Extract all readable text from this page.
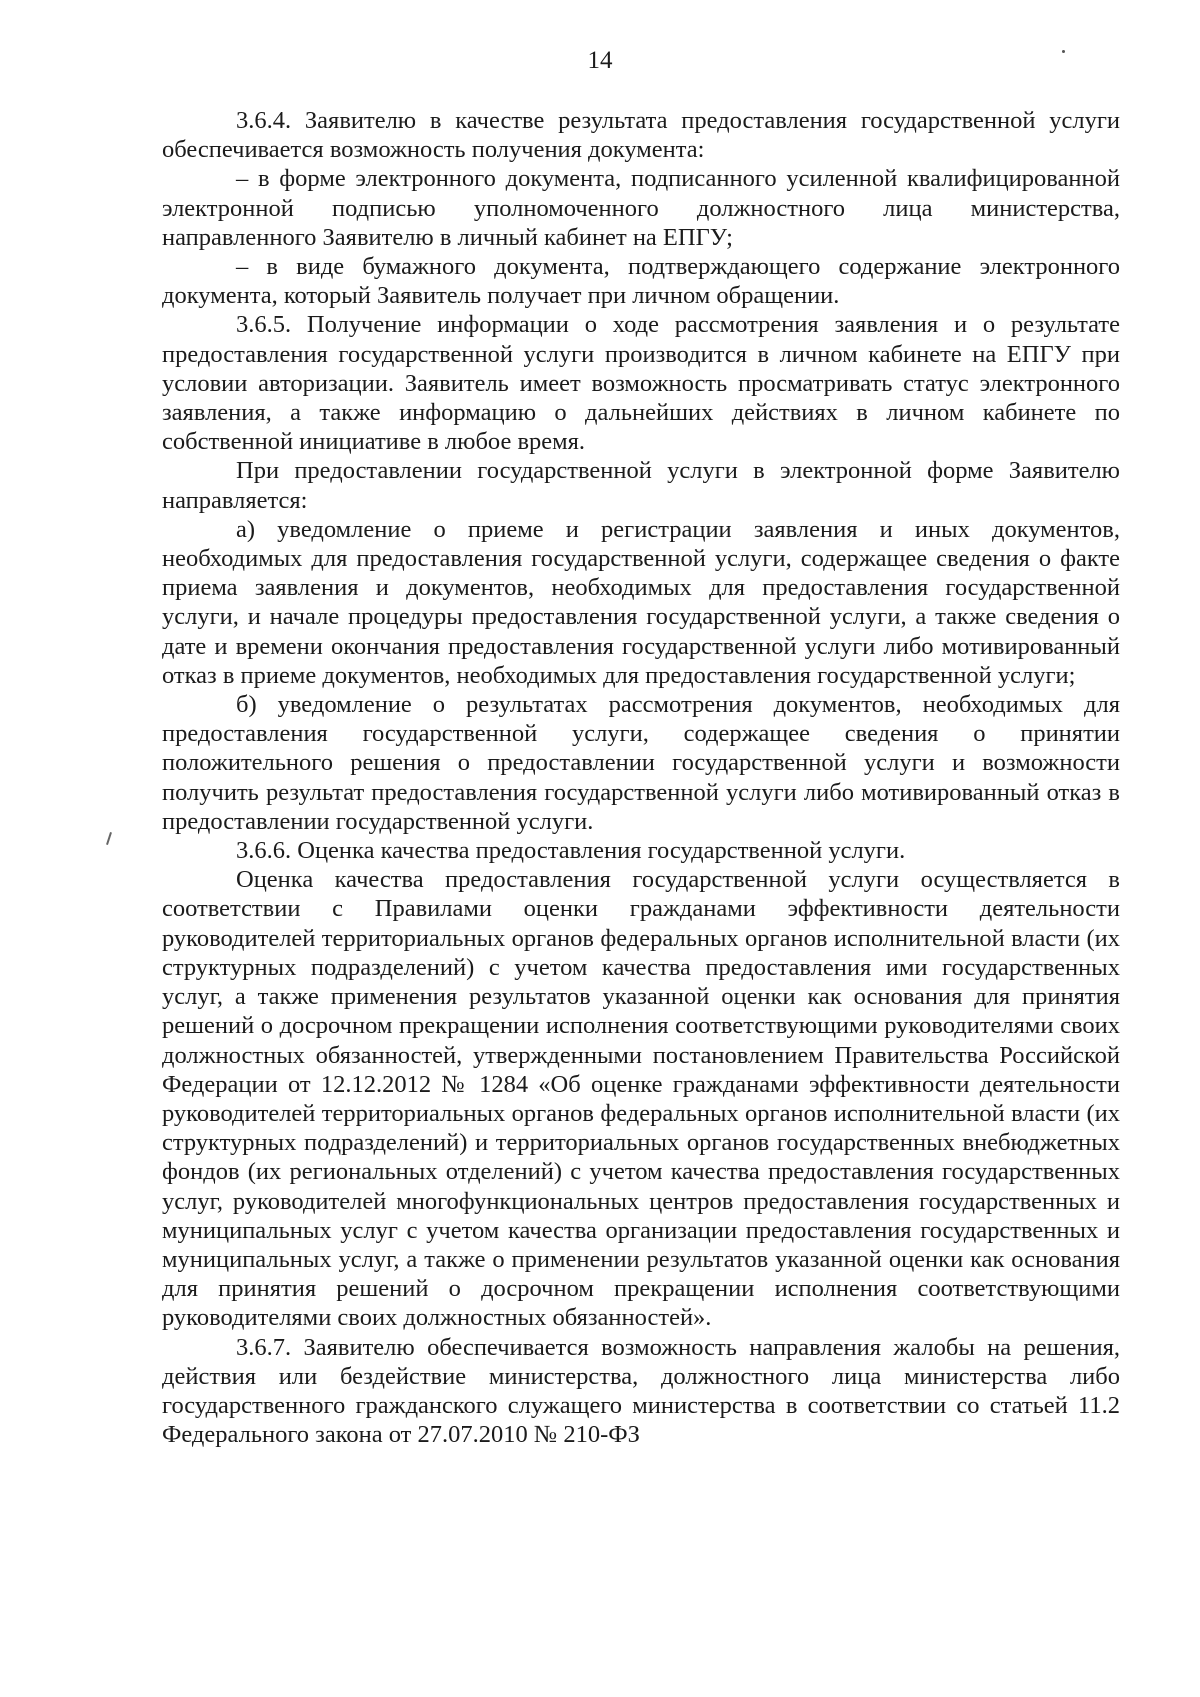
14

3.6.4. Заявителю в качестве результата предоставления государственной услуги обеспечивается возможность получения документа:

– в форме электронного документа, подписанного усиленной квалифицированной электронной подписью уполномоченного должностного лица министерства, направленного Заявителю в личный кабинет на ЕПГУ;

– в виде бумажного документа, подтверждающего содержание электронного документа, который Заявитель получает при личном обращении.

3.6.5. Получение информации о ходе рассмотрения заявления и о результате предоставления государственной услуги производится в личном кабинете на ЕПГУ при условии авторизации. Заявитель имеет возможность просматривать статус электронного заявления, а также информацию о дальнейших действиях в личном кабинете по собственной инициативе в любое время.

При предоставлении государственной услуги в электронной форме Заявителю направляется:

а) уведомление о приеме и регистрации заявления и иных документов, необходимых для предоставления государственной услуги, содержащее сведения о факте приема заявления и документов, необходимых для предоставления государственной услуги, и начале процедуры предоставления государственной услуги, а также сведения о дате и времени окончания предоставления государственной услуги либо мотивированный отказ в приеме документов, необходимых для предоставления государственной услуги;

б) уведомление о результатах рассмотрения документов, необходимых для предоставления государственной услуги, содержащее сведения о принятии положительного решения о предоставлении государственной услуги и возможности получить результат предоставления государственной услуги либо мотивированный отказ в предоставлении государственной услуги.

3.6.6. Оценка качества предоставления государственной услуги.

Оценка качества предоставления государственной услуги осуществляется в соответствии с Правилами оценки гражданами эффективности деятельности руководителей территориальных органов федеральных органов исполнительной власти (их структурных подразделений) с учетом качества предоставления ими государственных услуг, а также применения результатов указанной оценки как основания для принятия решений о досрочном прекращении исполнения соответствующими руководителями своих должностных обязанностей, утвержденными постановлением Правительства Российской Федерации от 12.12.2012 № 1284 «Об оценке гражданами эффективности деятельности руководителей территориальных органов федеральных органов исполнительной власти (их структурных подразделений) и территориальных органов государственных внебюджетных фондов (их региональных отделений) с учетом качества предоставления государственных услуг, руководителей многофункциональных центров предоставления государственных и муниципальных услуг с учетом качества организации предоставления государственных и муниципальных услуг, а также о применении результатов указанной оценки как основания для принятия решений о досрочном прекращении исполнения соответствующими руководителями своих должностных обязанностей».

3.6.7. Заявителю обеспечивается возможность направления жалобы на решения, действия или бездействие министерства, должностного лица министерства либо государственного гражданского служащего министерства в соответствии со статьей 11.2 Федерального закона от 27.07.2010 № 210-ФЗ
